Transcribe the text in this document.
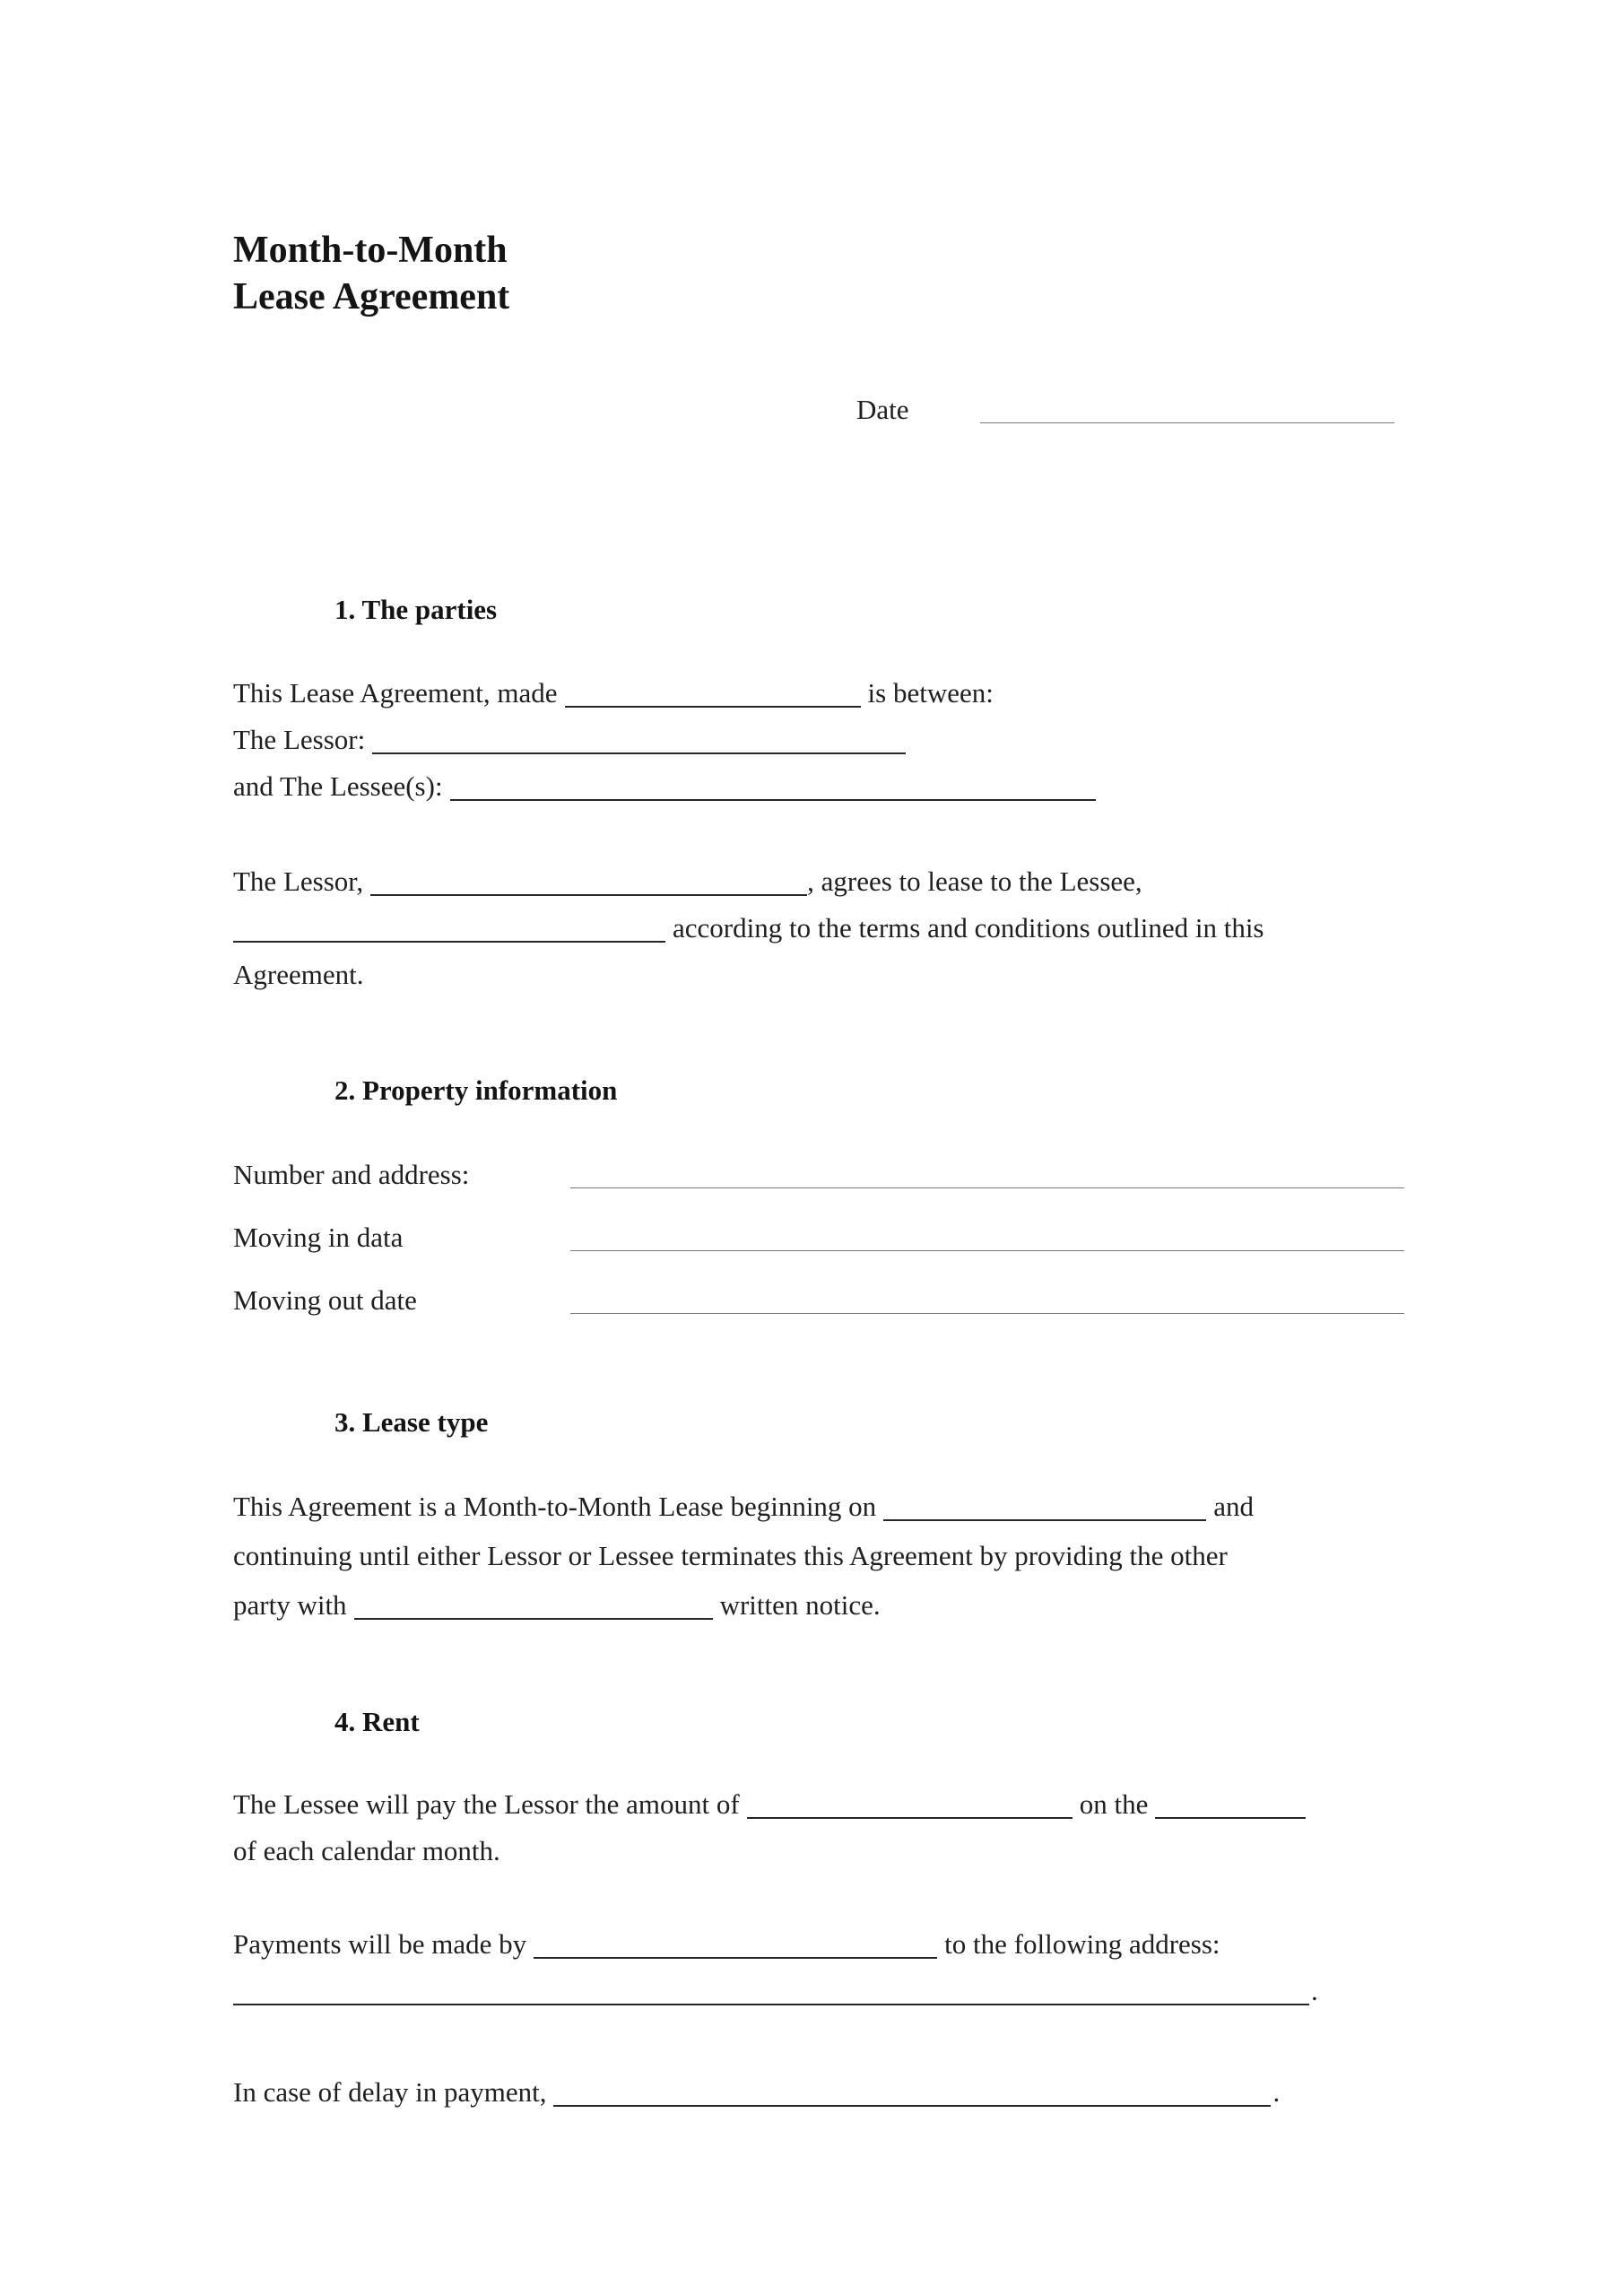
Month-to-Month
Lease Agreement
Date
1. The parties
This Lease Agreement, made	is between:
The Lessor:
and The Lessee(s):
The Lessor,	, agrees to lease to the Lessee,
according to the terms and conditions outlined in this
Agreement.
2. Property information
Number and address:
Moving in data
Moving out date
3. Lease type
This Agreement is a Month-to-Month Lease beginning on	and
continuing until either Lessor or Lessee terminates this Agreement by providing the other
party with	written notice.
4. Rent
The Lessee will pay the Lessor the amount of	on the
of each calendar month.
Payments will be made by	to the following address:
.
In case of delay in payment,	.
